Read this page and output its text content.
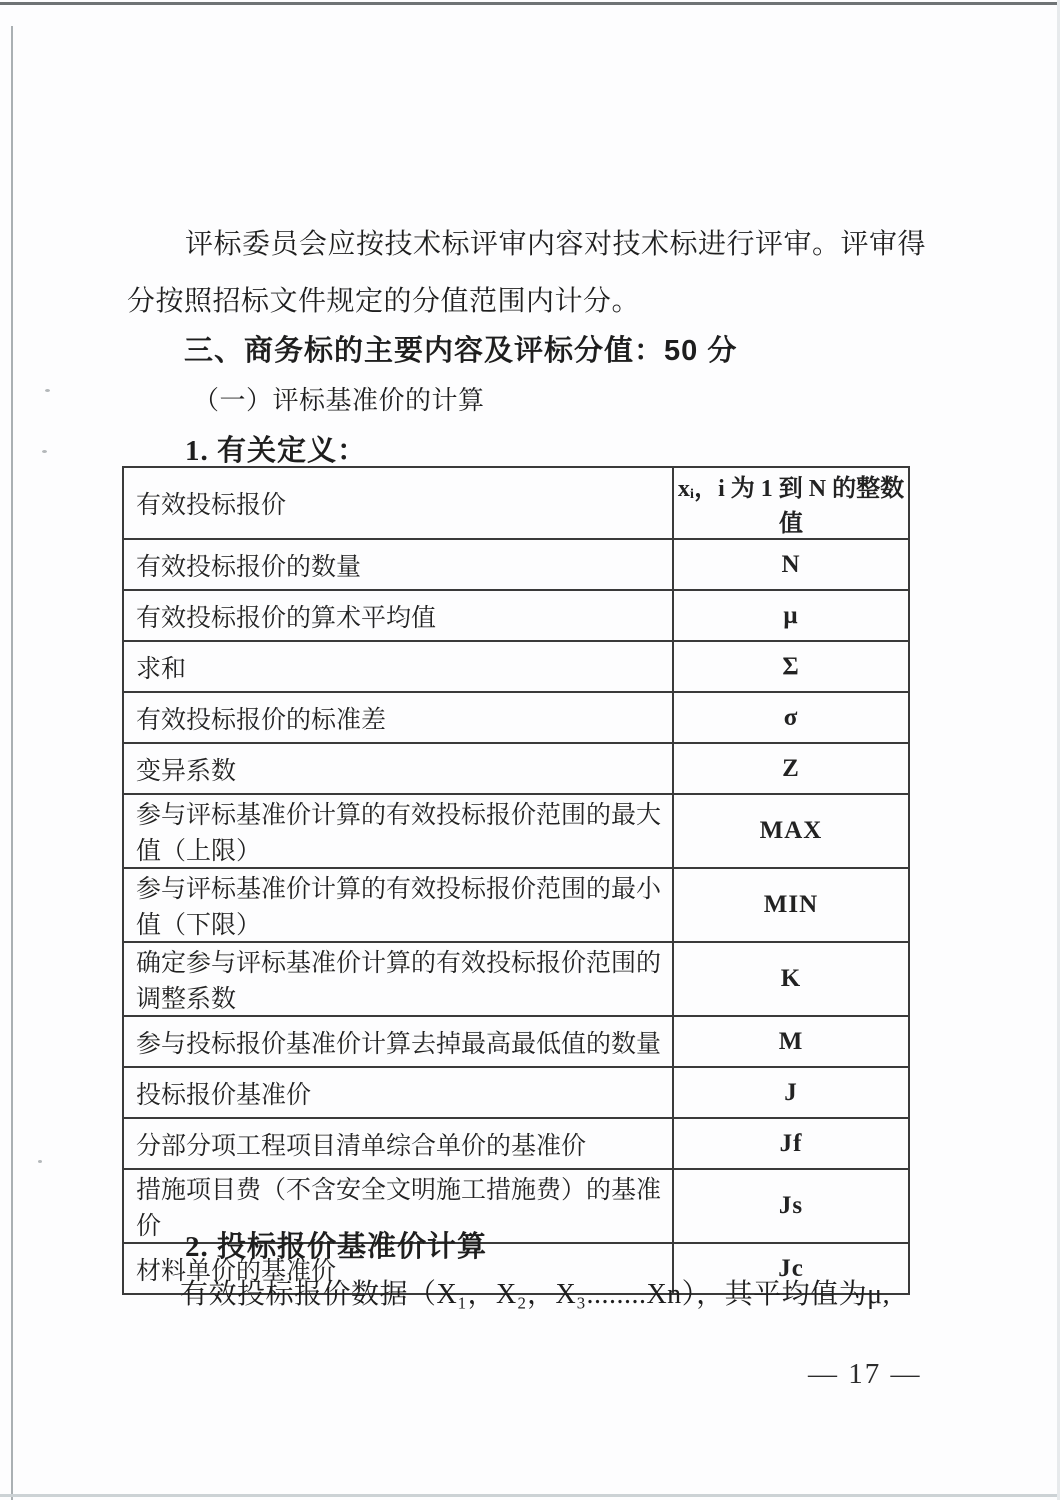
评标委员会应按技术标评审内容对技术标进行评审。评审得
分按照招标文件规定的分值范围内计分。
三、商务标的主要内容及评标分值：50 分
（一）评标基准价的计算
1. 有关定义：
有效投标报价	xᵢ，i 为 1 到 N 的整数值
有效投标报价的数量	N
有效投标报价的算术平均值	μ
求和	Σ
有效投标报价的标准差	σ
变异系数	Z
参与评标基准价计算的有效投标报价范围的最大值（上限）	MAX
参与评标基准价计算的有效投标报价范围的最小值（下限）	MIN
确定参与评标基准价计算的有效投标报价范围的调整系数	K
参与投标报价基准价计算去掉最高最低值的数量	M
投标报价基准价	J
分部分项工程项目清单综合单价的基准价	Jf
措施项目费（不含安全文明施工措施费）的基准价	Js
材料单价的基准价	Jc
2. 投标报价基准价计算
有效投标报价数据（X₁，X₂，X₃........Xn），其平均值为μ,
— 17 —
